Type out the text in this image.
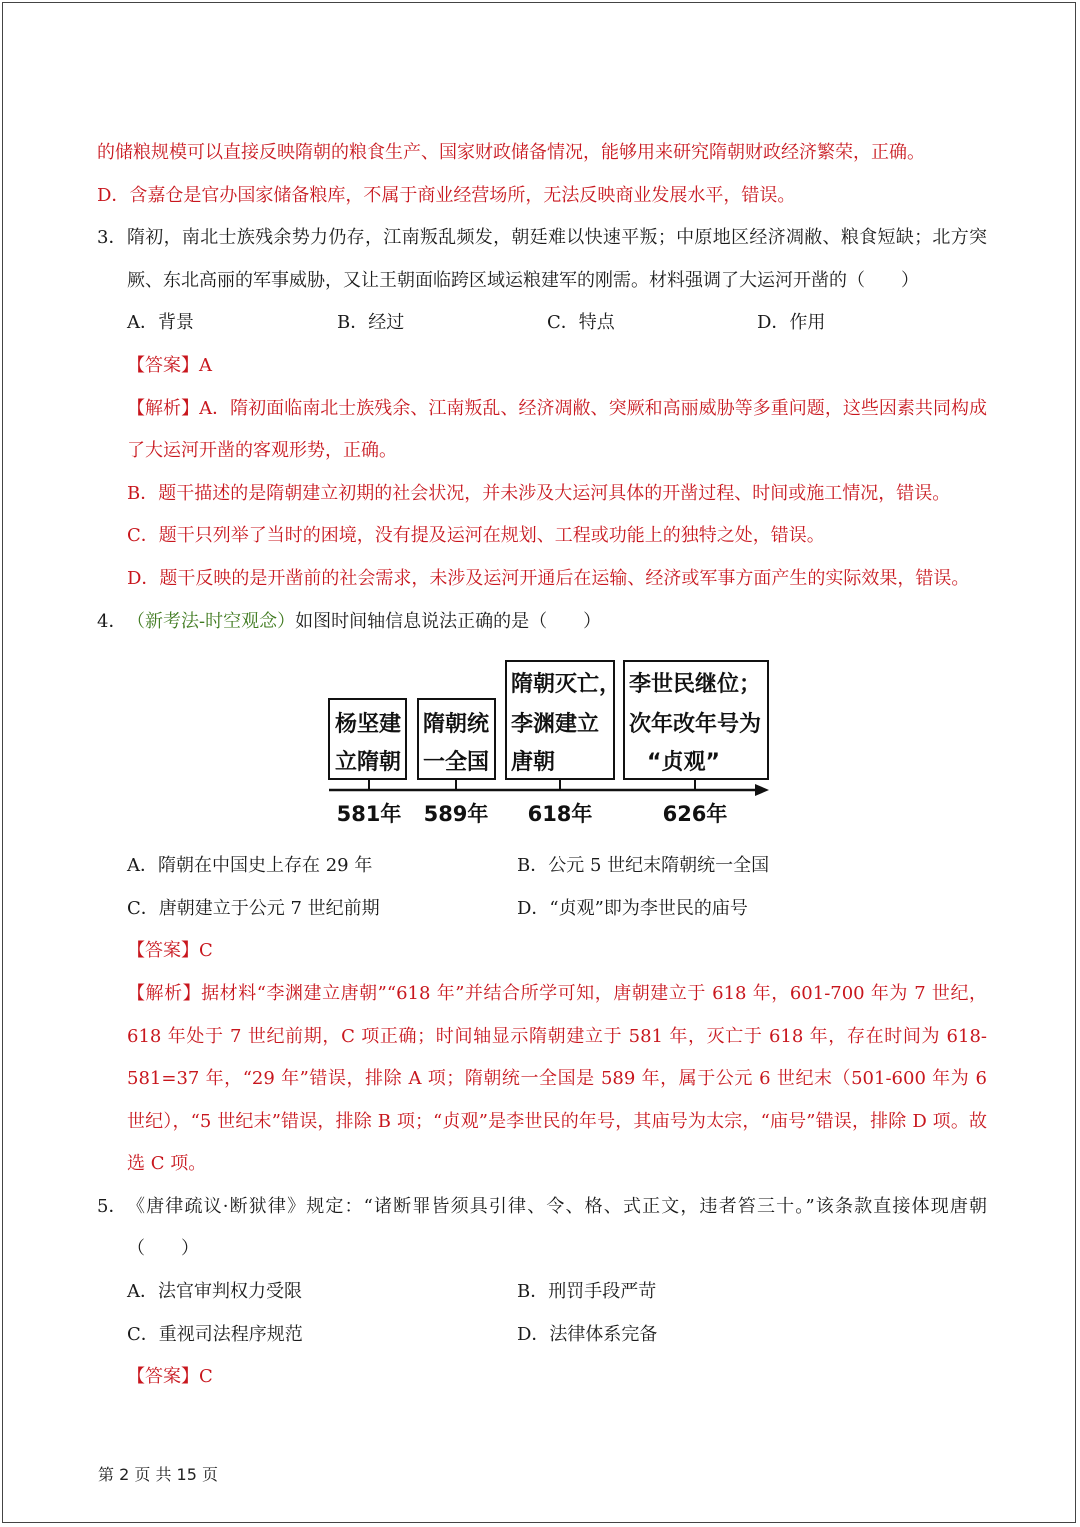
的储粮规模可以直接反映隋朝的粮食生产、国家财政储备情况，能够用来研究隋朝财政经济繁荣，正确。

D．含嘉仓是官办国家储备粮库，不属于商业经营场所，无法反映商业发展水平，错误。

3． 隋初，南北士族残余势力仍存，江南叛乱频发，朝廷难以快速平叛；中原地区经济凋敝、粮食短缺；北方突厥、东北高丽的军事威胁，又让王朝面临跨区域运粮建军的刚需。材料强调了大运河开凿的（　　）
A．背景	B．经过	C．特点	D．作用

【答案】A

【解析】A．隋初面临南北士族残余、江南叛乱、经济凋敝、突厥和高丽威胁等多重问题，这些因素共同构成了大运河开凿的客观形势，正确。

B．题干描述的是隋朝建立初期的社会状况，并未涉及大运河具体的开凿过程、时间或施工情况，错误。

C．题干只列举了当时的困境，没有提及运河在规划、工程或功能上的独特之处，错误。

D．题干反映的是开凿前的社会需求，未涉及运河开通后在运输、经济或军事方面产生的实际效果，错误。

4． （新考法-时空观念）如图时间轴信息说法正确的是（　　）
杨坚建
立隋朝
隋朝统
一全国
隋朝灭亡，
李渊建立
唐朝
李世民继位；
次年改年号为
“贞观”
581年 589年 618年	626年
A．隋朝在中国史上存在 29 年	B．公元 5 世纪末隋朝统一全国
C．唐朝建立于公元 7 世纪前期	D．“贞观”即为李世民的庙号

【答案】C

【解析】据材料“李渊建立唐朝”“618 年”并结合所学可知，唐朝建立于 618 年，601-700 年为 7 世纪，618 年处于 7 世纪前期，C 项正确；时间轴显示隋朝建立于 581 年，灭亡于 618 年，存在时间为 618-581=37 年，“29 年”错误，排除 A 项；隋朝统一全国是 589 年，属于公元 6 世纪末（501-600 年为 6 世纪），“5 世纪末”错误，排除 B 项；“贞观”是李世民的年号，其庙号为太宗，“庙号”错误，排除 D 项。故选 C 项。

5． 《唐律疏议·断狱律》规定：“诸断罪皆须具引律、令、格、式正文，违者笞三十。”该条款直接体现唐朝（　　）
A．法官审判权力受限	B．刑罚手段严苛
C．重视司法程序规范	D．法律体系完备

【答案】C

第 2 页 共 15 页
